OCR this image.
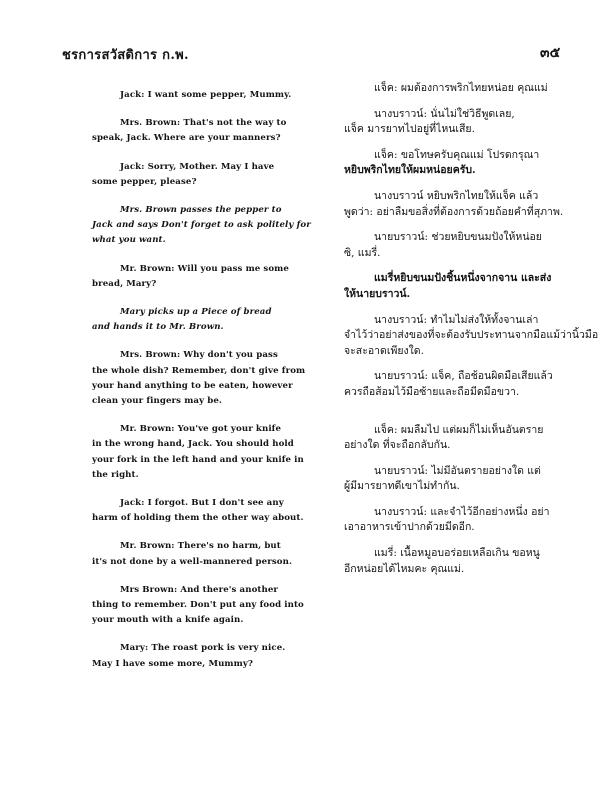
ชรการสวัสดิการ ก.พ.	๓๕

Jack: I want some pepper, Mummy.

Mrs. Brown: That's not the way to
speak, Jack. Where are your manners?

Jack: Sorry, Mother. May I have
some pepper, please?

Mrs. Brown passes the pepper to
Jack and says Don't forget to ask politely for what you want.

Mr. Brown: Will you pass me some
bread, Mary?

Mary picks up a Piece of bread
and hands it to Mr. Brown.

Mrs. Brown: Why don't you pass
the whole dish? Remember, don't give from your hand anything to be eaten, however clean your fingers may be.

Mr. Brown: You've got your knife
in the wrong hand, Jack. You should hold your fork in the left hand and your knife in the right.

Jack: I forgot. But I don't see any
harm of holding them the other way about.

Mr. Brown: There's no harm, but
it's not done by a well-mannered person.

Mrs Brown: And there's another
thing to remember. Don't put any food into your mouth with a knife again.

Mary: The roast pork is very nice.
May I have some more, Mummy?

แจ็ค: ผมต้องการพริกไทยหน่อย คุณแม่

นางบราวน์: นั่นไม่ใช่วิธีพูดเลย,
แจ็ค มารยาทไปอยู่ที่ไหนเสีย.

แจ็ค: ขอโทษครับคุณแม่ โปรดกรุณา
หยิบพริกไทยให้ผมหน่อยครับ.

นางบราวน์ หยิบพริกไทยให้แจ็ค แล้ว
พูดว่า: อย่าลืมขอสิ่งที่ต้องการด้วยถ้อยคำที่สุภาพ.

นายบราวน์: ช่วยหยิบขนมปังให้หน่อย
ซิ, แมรี่.

แมรี่หยิบขนมปังชิ้นหนึ่งจากจาน และส่ง
ให้นายบราวน์.

นางบราวน์: ทำไมไม่ส่งให้ทั้งจานเล่า
จำไว้ว่าอย่าส่งของที่จะต้องรับประทานจากมือแม้ว่านิ้วมือจะสะอาดเพียงใด.

นายบราวน์: แจ็ค, ถือช้อนผิดมือเสียแล้ว
ควรถือส้อมไว้มือซ้ายและถือมีดมือขวา.

แจ็ค: ผมลืมไป แต่ผมก็ไม่เห็นอันตราย
อย่างใด ที่จะถือกลับกัน.

นายบราวน์: ไม่มีอันตรายอย่างใด แต่
ผู้มีมารยาทดีเขาไม่ทำกัน.

นางบราวน์: และจำไว้อีกอย่างหนึ่ง อย่า
เอาอาหารเข้าปากด้วยมีดอีก.

แมรี่: เนื้อหมูอบอร่อยเหลือเกิน ขอหนู
อีกหน่อยได้ไหมคะ คุณแม่.
